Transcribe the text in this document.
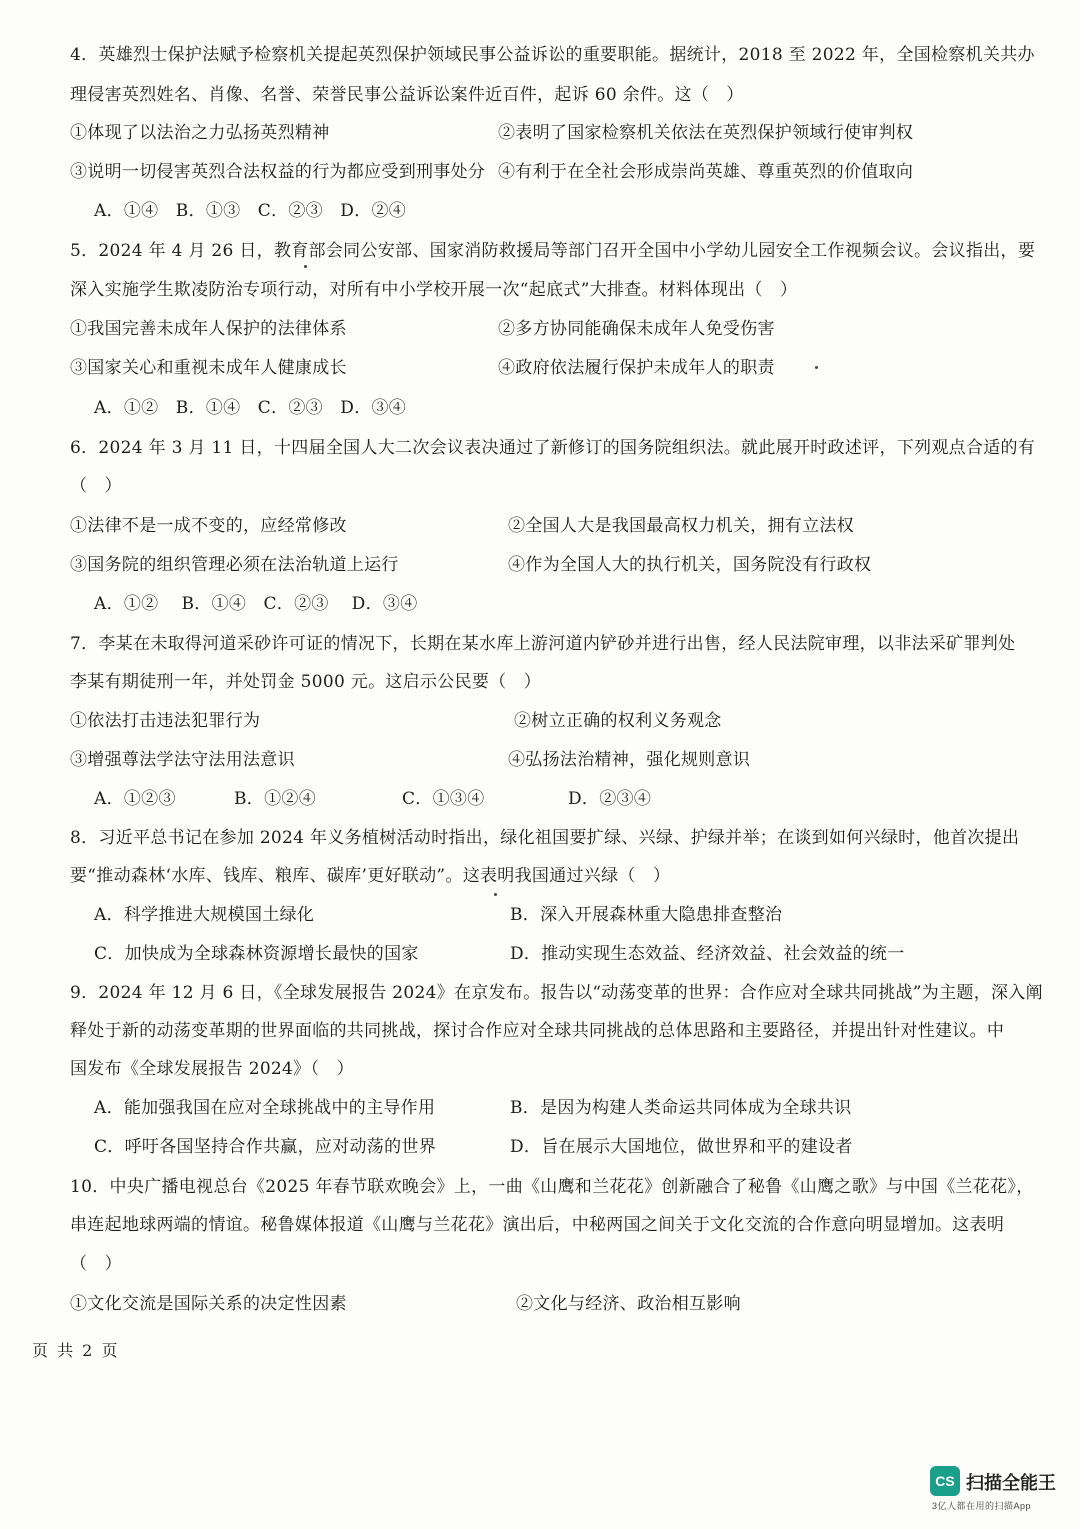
4．英雄烈士保护法赋予检察机关提起英烈保护领域民事公益诉讼的重要职能。据统计，2018 至 2022 年，全国检察机关共办
理侵害英烈姓名、肖像、名誉、荣誉民事公益诉讼案件近百件，起诉 60 余件。这（　）
①体现了以法治之力弘扬英烈精神	②表明了国家检察机关依法在英烈保护领域行使审判权
③说明一切侵害英烈合法权益的行为都应受到刑事处分 ④有利于在全社会形成崇尚英雄、尊重英烈的价值取向
A．①④　B．①③　C．②③　D．②④
5．2024 年 4 月 26 日，教育部会同公安部、国家消防救援局等部门召开全国中小学幼儿园安全工作视频会议。会议指出，要
深入实施学生欺凌防治专项行动，对所有中小学校开展一次“起底式”大排查。材料体现出（　）
①我国完善未成年人保护的法律体系	②多方协同能确保未成年人免受伤害
③国家关心和重视未成年人健康成长	④政府依法履行保护未成年人的职责
A．①②　B．①④　C．②③　D．③④
6．2024 年 3 月 11 日，十四届全国人大二次会议表决通过了新修订的国务院组织法。就此展开时政述评，下列观点合适的有
（　）
①法律不是一成不变的，应经常修改	②全国人大是我国最高权力机关，拥有立法权
③国务院的组织管理必须在法治轨道上运行	④作为全国人大的执行机关，国务院没有行政权
A．①②　 B．①④　C．②③　 D．③④
7．李某在未取得河道采砂许可证的情况下，长期在某水库上游河道内铲砂并进行出售，经人民法院审理，以非法采矿罪判处
李某有期徒刑一年，并处罚金 5000 元。这启示公民要（　）
①依法打击违法犯罪行为	②树立正确的权利义务观念
③增强尊法学法守法用法意识	④弘扬法治精神，强化规则意识
A．①②③	B．①②④	C．①③④	D．②③④
8．习近平总书记在参加 2024 年义务植树活动时指出，绿化祖国要扩绿、兴绿、护绿并举；在谈到如何兴绿时，他首次提出
要“推动森林‘水库、钱库、粮库、碳库’更好联动”。这表明我国通过兴绿（　）
A．科学推进大规模国土绿化	B．深入开展森林重大隐患排查整治
C．加快成为全球森林资源增长最快的国家	D．推动实现生态效益、经济效益、社会效益的统一
9．2024 年 12 月 6 日，《全球发展报告 2024》在京发布。报告以“动荡变革的世界：合作应对全球共同挑战”为主题，深入阐
释处于新的动荡变革期的世界面临的共同挑战，探讨合作应对全球共同挑战的总体思路和主要路径，并提出针对性建议。中
国发布《全球发展报告 2024》（　）
A．能加强我国在应对全球挑战中的主导作用	B．是因为构建人类命运共同体成为全球共识
C．呼吁各国坚持合作共赢，应对动荡的世界	D．旨在展示大国地位，做世界和平的建设者
10．中央广播电视总台《2025 年春节联欢晚会》上，一曲《山鹰和兰花花》创新融合了秘鲁《山鹰之歌》与中国《兰花花》，
串连起地球两端的情谊。秘鲁媒体报道《山鹰与兰花花》演出后，中秘两国之间关于文化交流的合作意向明显增加。这表明
（　）
①文化交流是国际关系的决定性因素	②文化与经济、政治相互影响
页 共 2 页
CS 扫描全能王
3亿人都在用的扫描App
